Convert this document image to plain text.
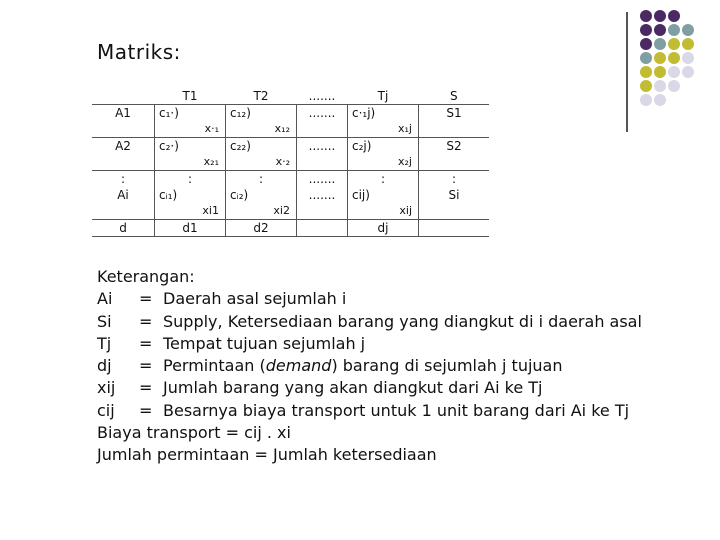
Matriks:
	T1	T2	.......	Tj	S
A1	c₁·)	c₁₂)	.......	c·₁j)	S1
	x·₁	x₁₂		x₁j	
A2	c₂·)	c₂₂)	.......	c₂j)	S2
	x₂₁	x·₂		x₂j	
:	:	:	.......	:	:
Ai	cᵢ₁)	cᵢ₂)	.......	cij)	Si
	xi1	xi2		xij	
d	d1	d2		dj	
Keterangan:
Ai = Daerah asal sejumlah i
Si = Supply, Ketersediaan barang yang diangkut di i daerah asal
Tj = Tempat tujuan sejumlah j
dj = Permintaan (demand) barang di sejumlah j tujuan
xij = Jumlah barang yang akan diangkut dari Ai ke Tj
cij = Besarnya biaya transport untuk 1 unit barang dari Ai ke Tj
Biaya transport = cij . xi
Jumlah permintaan = Jumlah ketersediaan
